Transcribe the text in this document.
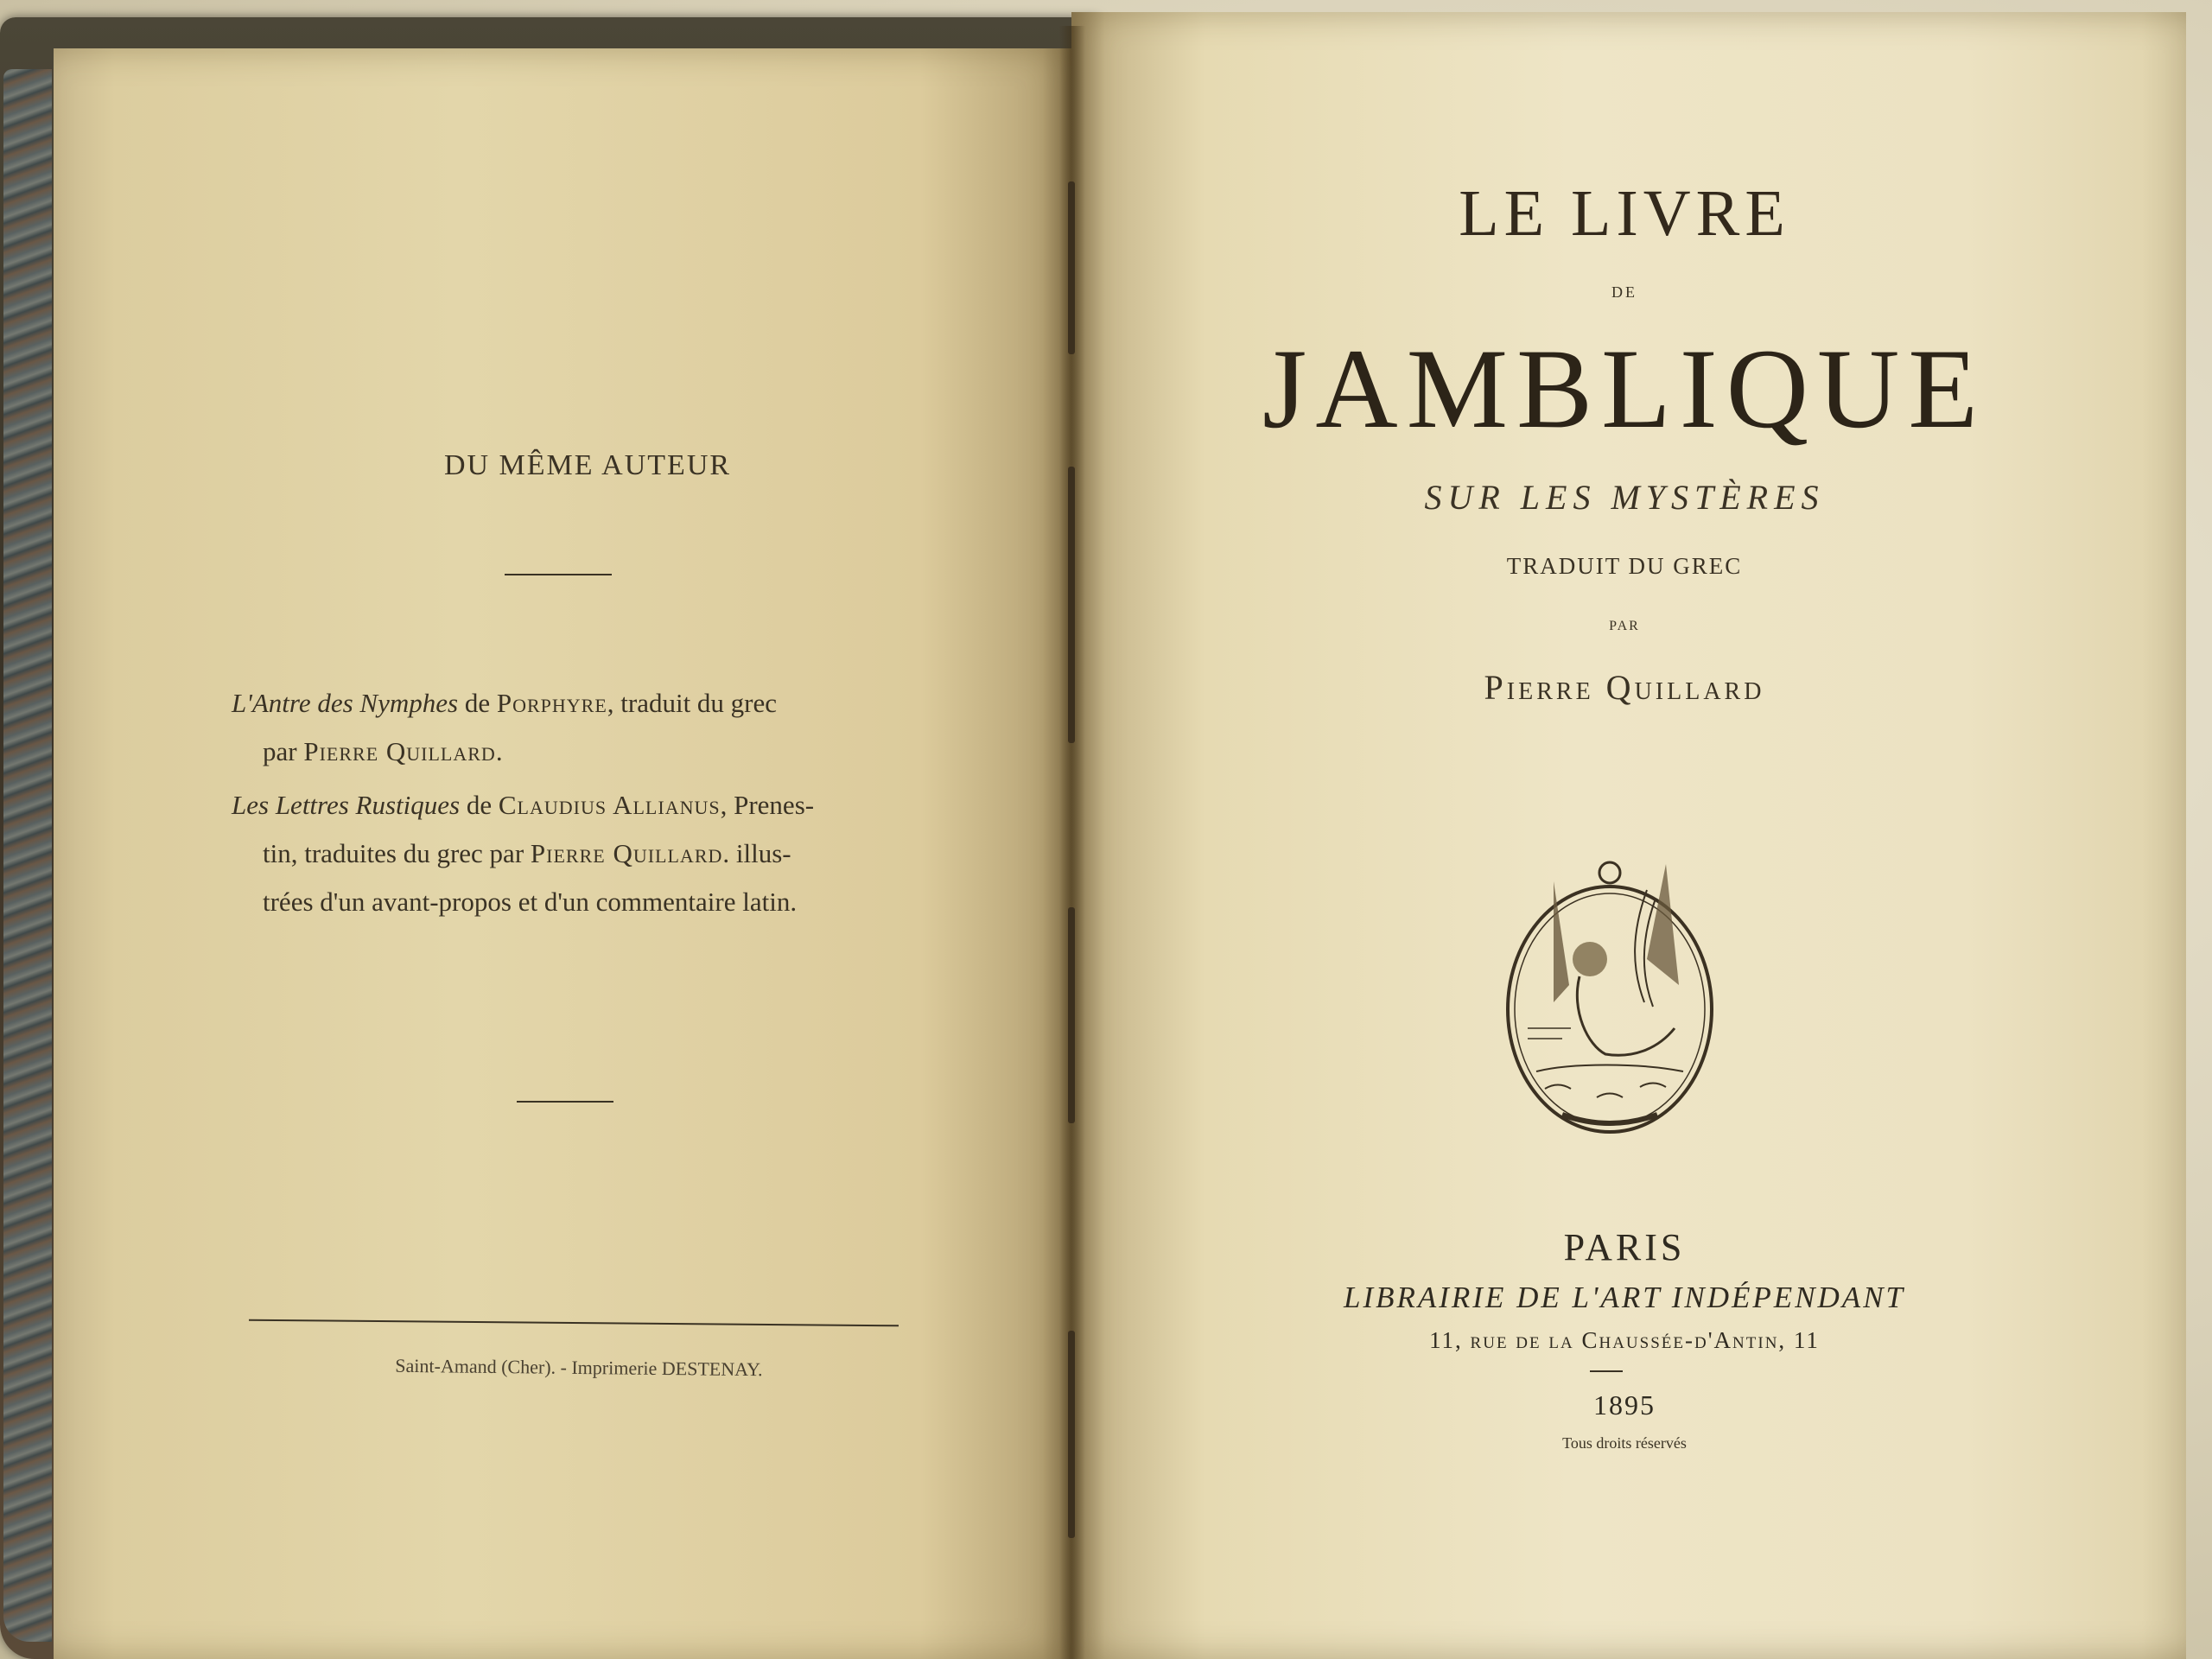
DU MÊME AUTEUR
L'Antre des Nymphes de Porphyre, traduit du grec
par Pierre Quillard.
Les Lettres Rustiques de Claudius Allianus, Prenes-
tin, traduites du grec par Pierre Quillard. illus-
trées d'un avant-propos et d'un commentaire latin.
Saint-Amand (Cher). - Imprimerie DESTENAY.
LE LIVRE
DE
JAMBLIQUE
SUR LES MYSTÈRES
TRADUIT DU GREC
PAR
Pierre Quillard
PARIS
LIBRAIRIE DE L'ART INDÉPENDANT
11, rue de la Chaussée-d'Antin, 11
1895
Tous droits réservés
